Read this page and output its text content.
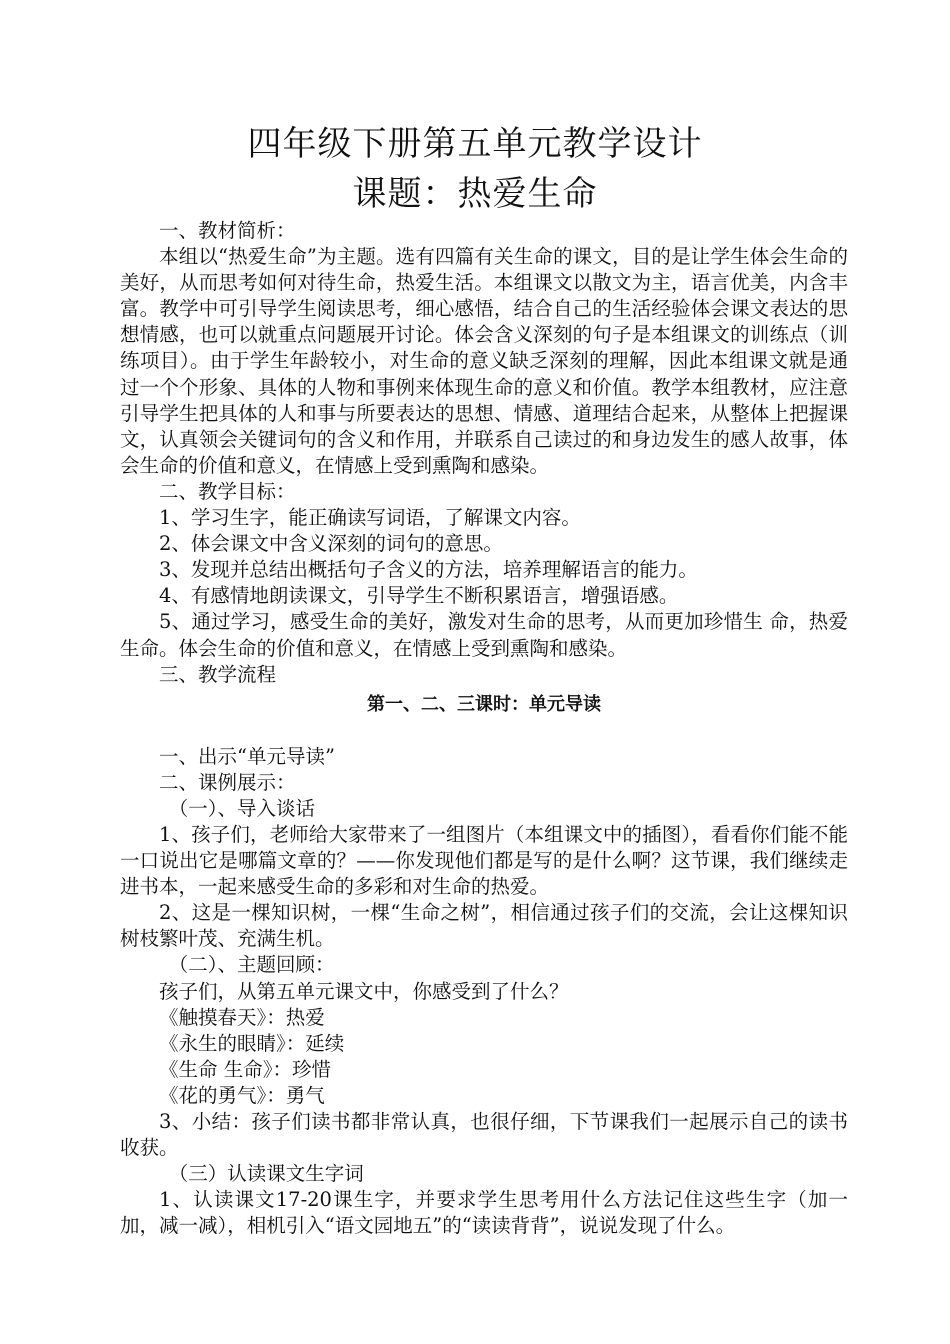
四年级下册第五单元教学设计
课题：热爱生命

一、教材简析：

本组以“热爱生命”为主题。选有四篇有关生命的课文，目的是让学生体会生命的美好，从而思考如何对待生命，热爱生活。本组课文以散文为主，语言优美，内含丰富。教学中可引导学生阅读思考，细心感悟，结合自己的生活经验体会课文表达的思想情感，也可以就重点问题展开讨论。体会含义深刻的句子是本组课文的训练点（训练项目）。由于学生年龄较小，对生命的意义缺乏深刻的理解，因此本组课文就是通过一个个形象、具体的人物和事例来体现生命的意义和价值。教学本组教材，应注意引导学生把具体的人和事与所要表达的思想、情感、道理结合起来，从整体上把握课文，认真领会关键词句的含义和作用，并联系自己读过的和身边发生的感人故事，体会生命的价值和意义，在情感上受到熏陶和感染。

二、教学目标：

1、学习生字，能正确读写词语，了解课文内容。

2、体会课文中含义深刻的词句的意思。

3、发现并总结出概括句子含义的方法，培养理解语言的能力。

4、有感情地朗读课文，引导学生不断积累语言，增强语感。

5、通过学习，感受生命的美好，激发对生命的思考，从而更加珍惜生 命，热爱生命。体会生命的价值和意义，在情感上受到熏陶和感染。

三、教学流程

第一、二、三课时：单元导读

一、出示“单元导读”

二、课例展示：

（一）、导入谈话

1、孩子们，老师给大家带来了一组图片（本组课文中的插图），看看你们能不能一口说出它是哪篇文章的？——你发现他们都是写的是什么啊？这节课，我们继续走进书本，一起来感受生命的多彩和对生命的热爱。

2、这是一棵知识树，一棵“生命之树”，相信通过孩子们的交流，会让这棵知识树枝繁叶茂、充满生机。

（二）、主题回顾：

孩子们，从第五单元课文中，你感受到了什么？

《触摸春天》：热爱

《永生的眼睛》：延续

《生命 生命》：珍惜

《花的勇气》：勇气

3、小结：孩子们读书都非常认真，也很仔细，下节课我们一起展示自己的读书收获。

（三）认读课文生字词

1、认读课文17-20课生字，并要求学生思考用什么方法记住这些生字（加一加，减一减），相机引入“语文园地五”的“读读背背”，说说发现了什么。
